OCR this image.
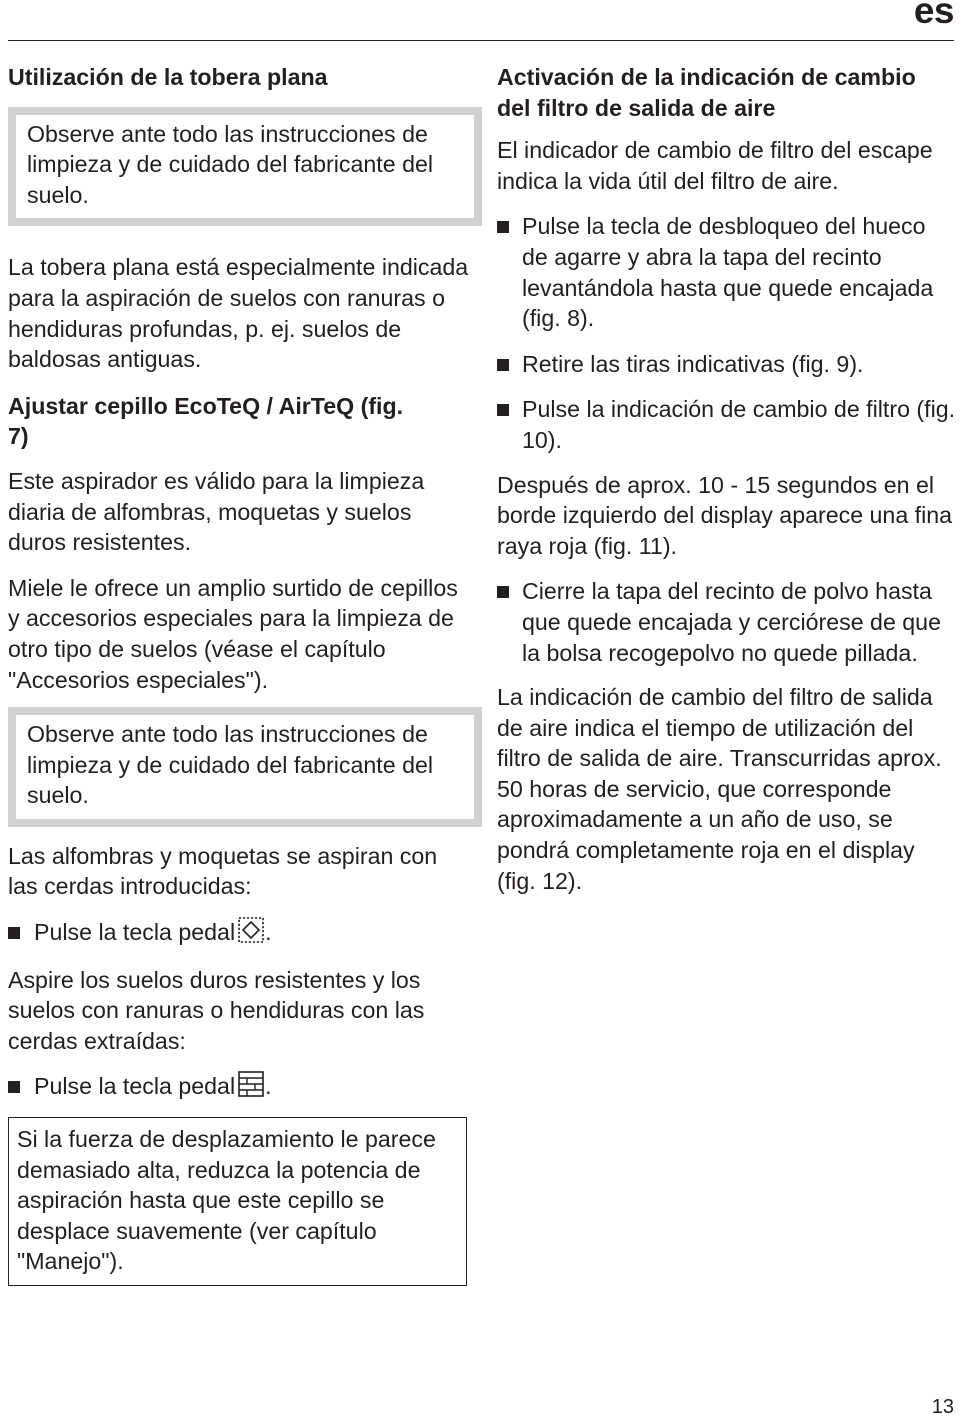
es
Utilización de la tobera plana

Observe ante todo las instrucciones de limpieza y de cuidado del fabricante del suelo.

La tobera plana está especialmente indicada para la aspiración de suelos con ranuras o hendiduras profundas, p. ej. suelos de baldosas antiguas.

Ajustar cepillo EcoTeQ / AirTeQ (fig. 7)

Este aspirador es válido para la limpieza diaria de alfombras, moquetas y suelos duros resistentes.

Miele le ofrece un amplio surtido de cepillos y accesorios especiales para la limpieza de otro tipo de suelos (véase el capítulo "Accesorios especiales").

Observe ante todo las instrucciones de limpieza y de cuidado del fabricante del suelo.

Las alfombras y moquetas se aspiran con las cerdas introducidas:

Pulse la tecla pedal .

Aspire los suelos duros resistentes y los suelos con ranuras o hendiduras con las cerdas extraídas:

Pulse la tecla pedal .

Si la fuerza de desplazamiento le parece demasiado alta, reduzca la potencia de aspiración hasta que este cepillo se desplace suavemente (ver capítulo "Manejo").

Activación de la indicación de cambio del filtro de salida de aire

El indicador de cambio de filtro del escape indica la vida útil del filtro de aire.

Pulse la tecla de desbloqueo del hueco de agarre y abra la tapa del recinto levantándola hasta que quede encajada (fig. 8).
Retire las tiras indicativas (fig. 9).
Pulse la indicación de cambio de filtro (fig. 10).

Después de aprox. 10 - 15 segundos en el borde izquierdo del display aparece una fina raya roja (fig. 11).

Cierre la tapa del recinto de polvo hasta que quede encajada y cerciórese de que la bolsa recogepolvo no quede pillada.

La indicación de cambio del filtro de salida de aire indica el tiempo de utilización del filtro de salida de aire. Transcurridas aprox. 50 horas de servicio, que corresponde aproximadamente a un año de uso, se pondrá completamente roja en el display (fig. 12).

13
